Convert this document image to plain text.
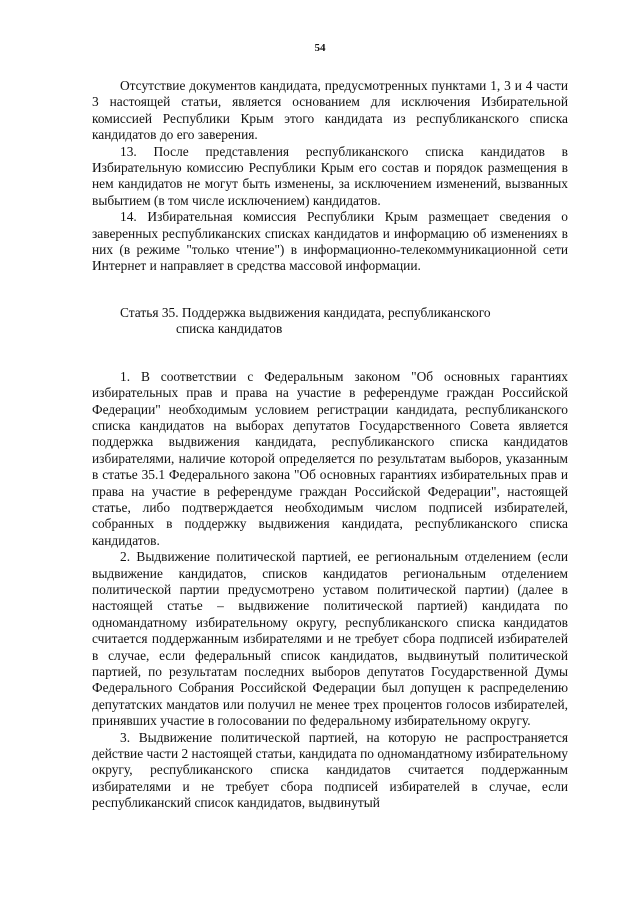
54

Отсутствие документов кандидата, предусмотренных пунктами 1, 3 и 4 части 3 настоящей статьи, является основанием для исключения Избирательной комиссией Республики Крым этого кандидата из республиканского списка кандидатов до его заверения.

13. После представления республиканского списка кандидатов в Избирательную комиссию Республики Крым его состав и порядок размещения в нем кандидатов не могут быть изменены, за исключением изменений, вызванных выбытием (в том числе исключением) кандидатов.

14. Избирательная комиссия Республики Крым размещает сведения о заверенных республиканских списках кандидатов и информацию об изменениях в них (в режиме "только чтение") в информационно-телекоммуникационной сети Интернет и направляет в средства массовой информации.

Статья 35. Поддержка выдвижения кандидата, республиканского
списка кандидатов

1. В соответствии с Федеральным законом "Об основных гарантиях избирательных прав и права на участие в референдуме граждан Российской Федерации" необходимым условием регистрации кандидата, республиканского списка кандидатов на выборах депутатов Государственного Совета является поддержка выдвижения кандидата, республиканского списка кандидатов избирателями, наличие которой определяется по результатам выборов, указанным в статье 35.1 Федерального закона "Об основных гарантиях избирательных прав и права на участие в референдуме граждан Российской Федерации", настоящей статье, либо подтверждается необходимым числом подписей избирателей, собранных в поддержку выдвижения кандидата, республиканского списка кандидатов.

2. Выдвижение политической партией, ее региональным отделением (если выдвижение кандидатов, списков кандидатов региональным отделением политической партии предусмотрено уставом политической партии) (далее в настоящей статье – выдвижение политической партией) кандидата по одномандатному избирательному округу, республиканского списка кандидатов считается поддержанным избирателями и не требует сбора подписей избирателей в случае, если федеральный список кандидатов, выдвинутый политической партией, по результатам последних выборов депутатов Государственной Думы Федерального Собрания Российской Федерации был допущен к распределению депутатских мандатов или получил не менее трех процентов голосов избирателей, принявших участие в голосовании по федеральному избирательному округу.

3. Выдвижение политической партией, на которую не распространяется действие части 2 настоящей статьи, кандидата по одномандатному избирательному округу, республиканского списка кандидатов считается поддержанным избирателями и не требует сбора подписей избирателей в случае, если республиканский список кандидатов, выдвинутый
